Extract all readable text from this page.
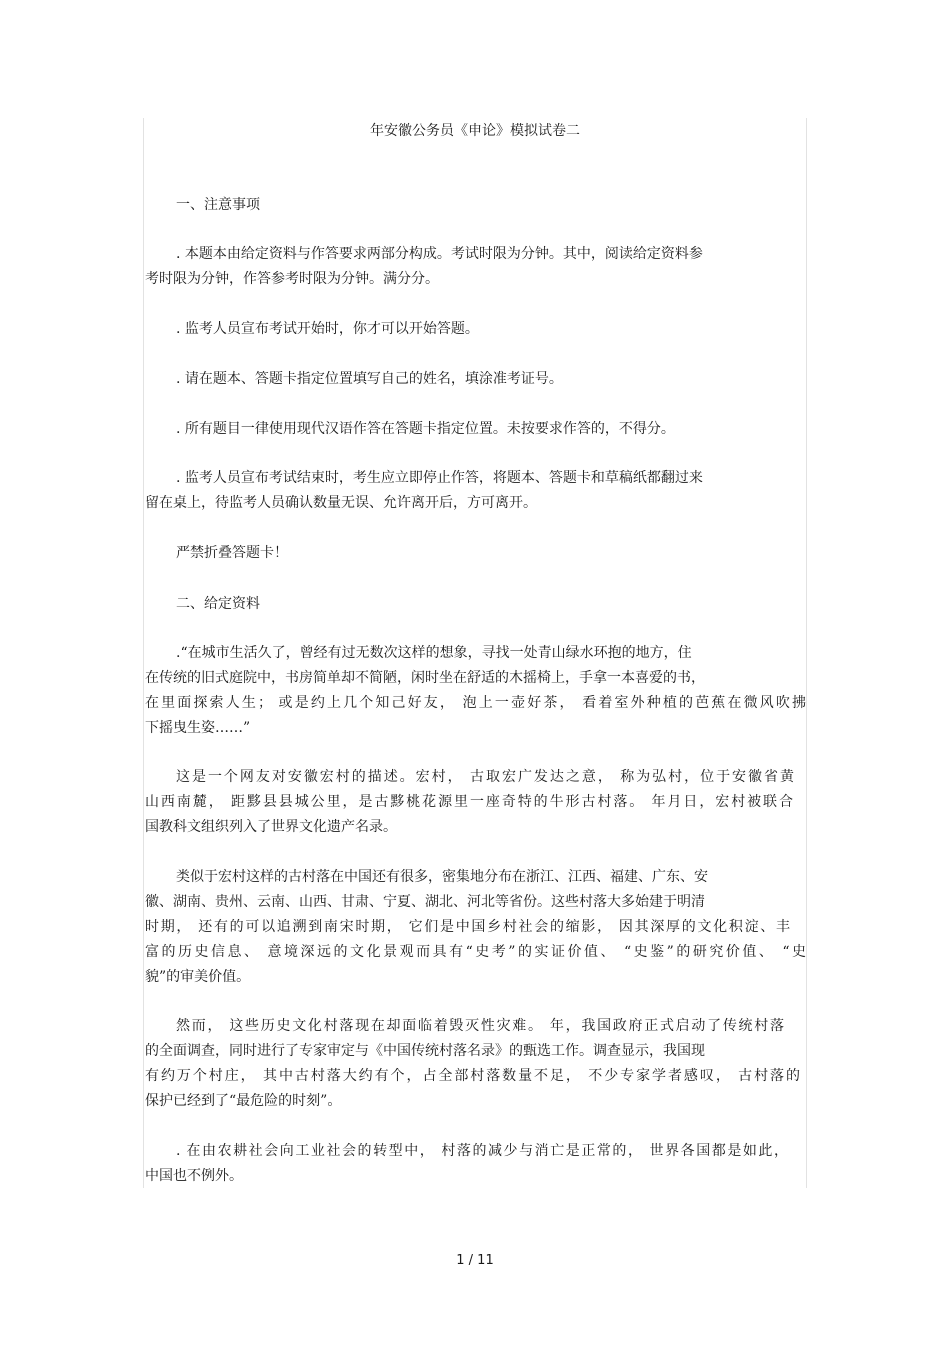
年安徽公务员《申论》模拟试卷二
一、注意事项
. 本题本由给定资料与作答要求两部分构成。考试时限为分钟。其中，阅读给定资料参
考时限为分钟，作答参考时限为分钟。满分分。
. 监考人员宣布考试开始时，你才可以开始答题。
. 请在题本、答题卡指定位置填写自己的姓名，填涂准考证号。
. 所有题目一律使用现代汉语作答在答题卡指定位置。未按要求作答的，不得分。
. 监考人员宣布考试结束时，考生应立即停止作答，将题本、答题卡和草稿纸都翻过来
留在桌上，待监考人员确认数量无误、允许离开后，方可离开。
严禁折叠答题卡！
二、给定资料
.“在城市生活久了，曾经有过无数次这样的想象，寻找一处青山绿水环抱的地方，住
在传统的旧式庭院中，书房简单却不简陋，闲时坐在舒适的木摇椅上，手拿一本喜爱的书，
在里面探索人生； 或是约上几个知己好友， 泡上一壶好茶， 看着室外种植的芭蕉在微风吹拂
下摇曳生姿……”
这是一个网友对安徽宏村的描述。宏村， 古取宏广发达之意， 称为弘村，位于安徽省黄
山西南麓， 距黟县县城公里，是古黟桃花源里一座奇特的牛形古村落。 年月日，宏村被联合
国教科文组织列入了世界文化遗产名录。
类似于宏村这样的古村落在中国还有很多，密集地分布在浙江、江西、福建、广东、安
徽、湖南、贵州、云南、山西、甘肃、宁夏、湖北、河北等省份。这些村落大多始建于明清
时期， 还有的可以追溯到南宋时期， 它们是中国乡村社会的缩影， 因其深厚的文化积淀、丰
富的历史信息、 意境深远的文化景观而具有“史考”的实证价值、 “史鉴”的研究价值、 “史
貌”的审美价值。
然而， 这些历史文化村落现在却面临着毁灭性灾难。 年，我国政府正式启动了传统村落
的全面调查，同时进行了专家审定与《中国传统村落名录》的甄选工作。调查显示，我国现
有约万个村庄， 其中古村落大约有个，占全部村落数量不足， 不少专家学者感叹， 古村落的
保护已经到了“最危险的时刻”。
. 在由农耕社会向工业社会的转型中， 村落的减少与消亡是正常的， 世界各国都是如此，
中国也不例外。
1 / 11
